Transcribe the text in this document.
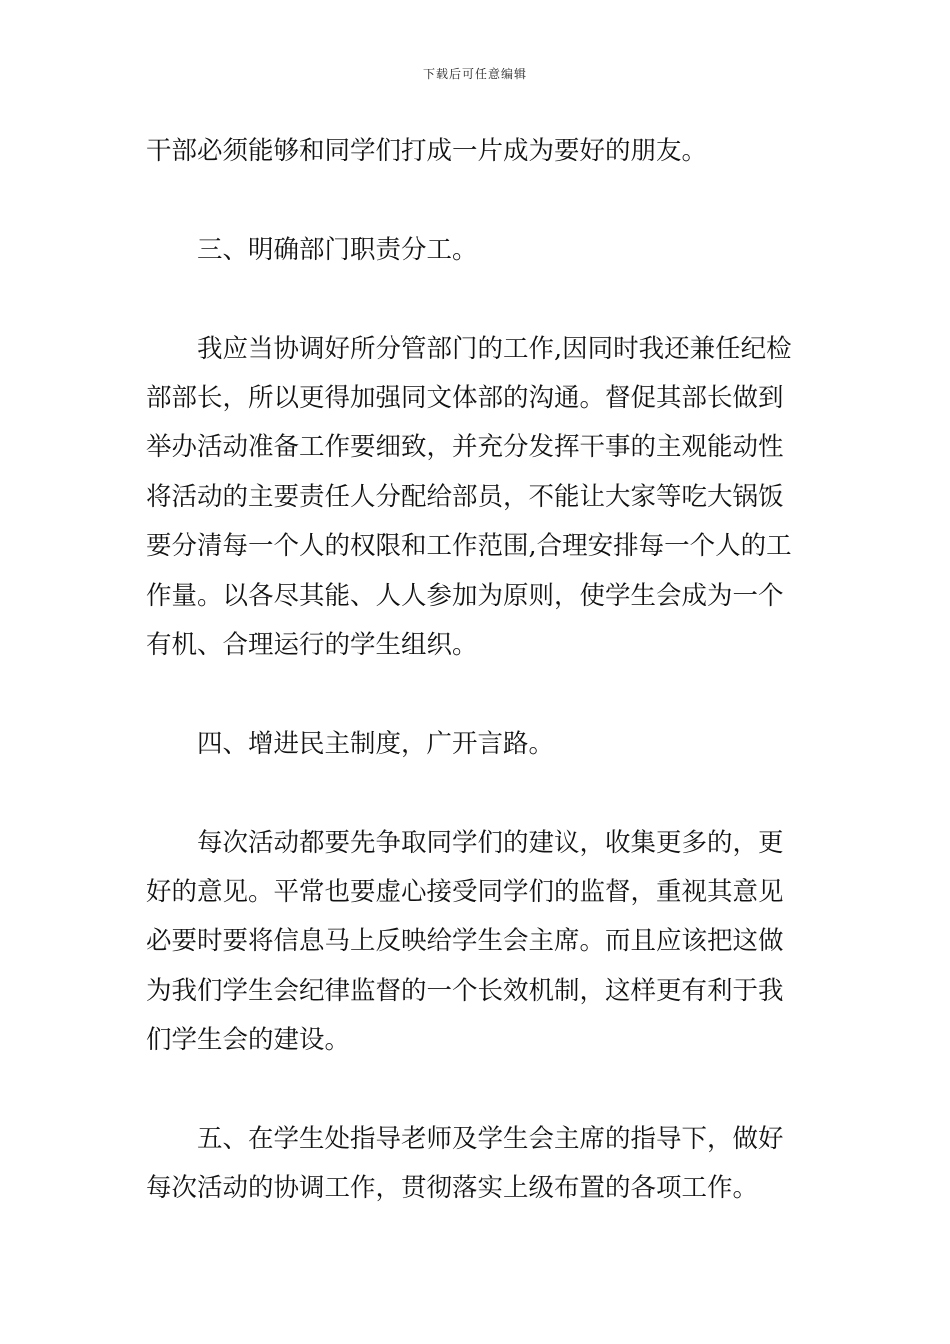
下载后可任意编辑

干部必须能够和同学们打成一片成为要好的朋友。

　　三、明确部门职责分工。

　　我应当协调好所分管部门的工作,因同时我还兼任纪检

部部长，所以更得加强同文体部的沟通。督促其部长做到

举办活动准备工作要细致，并充分发挥干事的主观能动性

将活动的主要责任人分配给部员，不能让大家等吃大锅饭

要分清每一个人的权限和工作范围,合理安排每一个人的工

作量。以各尽其能、人人参加为原则，使学生会成为一个

有机、合理运行的学生组织。

　　四、增进民主制度，广开言路。

　　每次活动都要先争取同学们的建议，收集更多的，更

好的意见。平常也要虚心接受同学们的监督，重视其意见

必要时要将信息马上反映给学生会主席。而且应该把这做

为我们学生会纪律监督的一个长效机制，这样更有利于我

们学生会的建设。

　　五、在学生处指导老师及学生会主席的指导下，做好

每次活动的协调工作，贯彻落实上级布置的各项工作。
